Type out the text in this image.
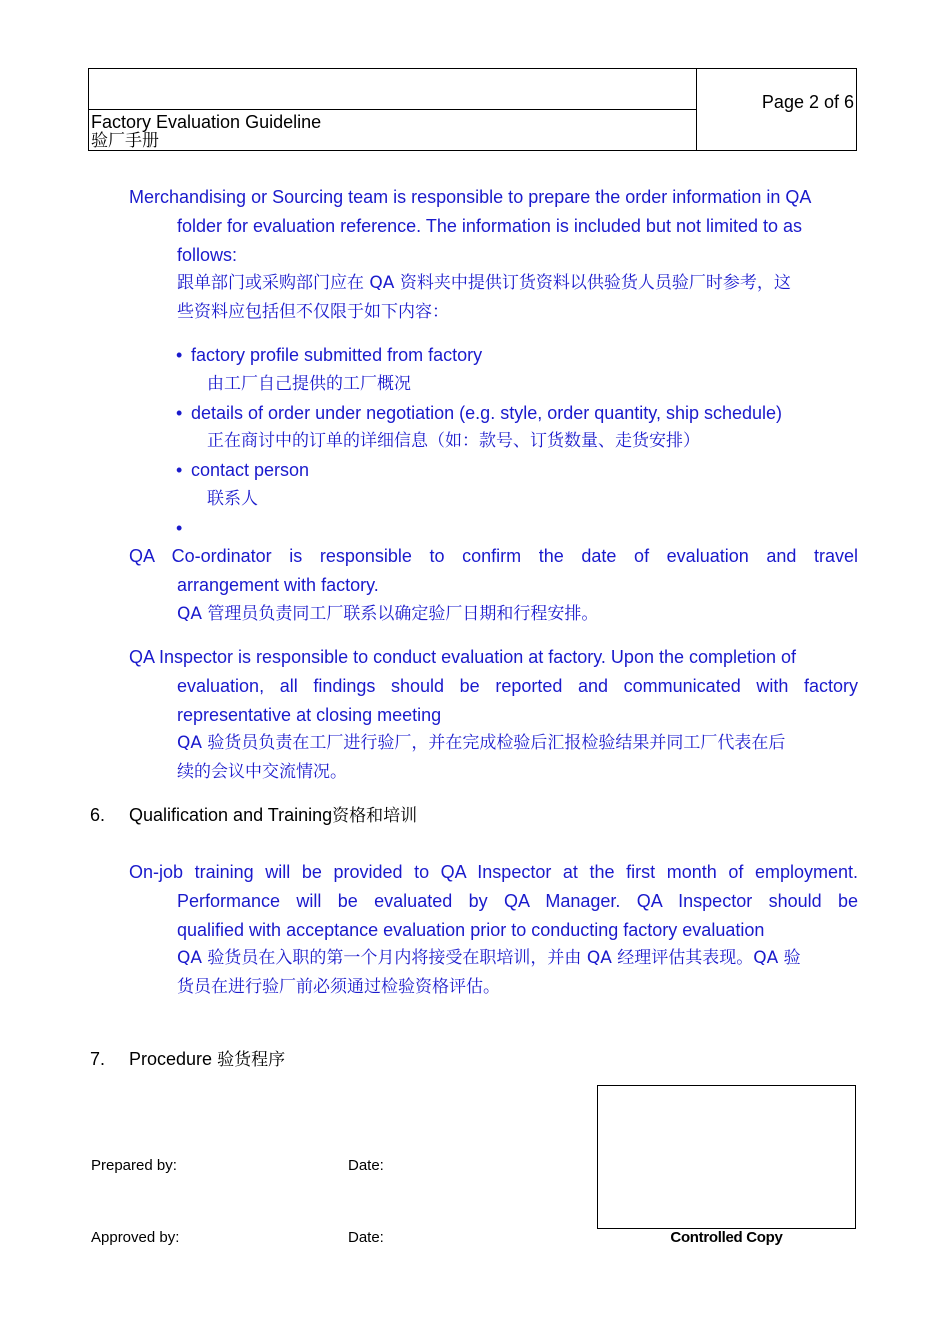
Factory Evaluation Guideline
验厂手册
Page 2 of 6
Merchandising or Sourcing team is responsible to prepare the order information in QA
folder for evaluation reference. The information is included but not limited to as
follows:
跟单部门或采购部门应在 QA 资料夹中提供订货资料以供验货人员验厂时参考，这
些资料应包括但不仅限于如下内容：
• factory profile submitted from factory
由工厂自己提供的工厂概况
• details of order under negotiation (e.g. style, order quantity, ship schedule)
正在商讨中的订单的详细信息（如：款号、订货数量、走货安排）
• contact person
联系人
•
QA Co-ordinator is responsible to confirm the date of evaluation and travel
arrangement with factory.
QA 管理员负责同工厂联系以确定验厂日期和行程安排。
QA Inspector is responsible to conduct evaluation at factory. Upon the completion of
evaluation, all findings should be reported and communicated with factory
representative at closing meeting
QA 验货员负责在工厂进行验厂，并在完成检验后汇报检验结果并同工厂代表在后
续的会议中交流情况。
6. Qualification and Training资格和培训
On-job training will be provided to QA Inspector at the first month of employment.
Performance will be evaluated by QA Manager. QA Inspector should be
qualified with acceptance evaluation prior to conducting factory evaluation
QA 验货员在入职的第一个月内将接受在职培训，并由 QA 经理评估其表现。QA 验
货员在进行验厂前必须通过检验资格评估。
7. Procedure 验货程序
Prepared by:	Date:
Approved by:	Date:	Controlled Copy
